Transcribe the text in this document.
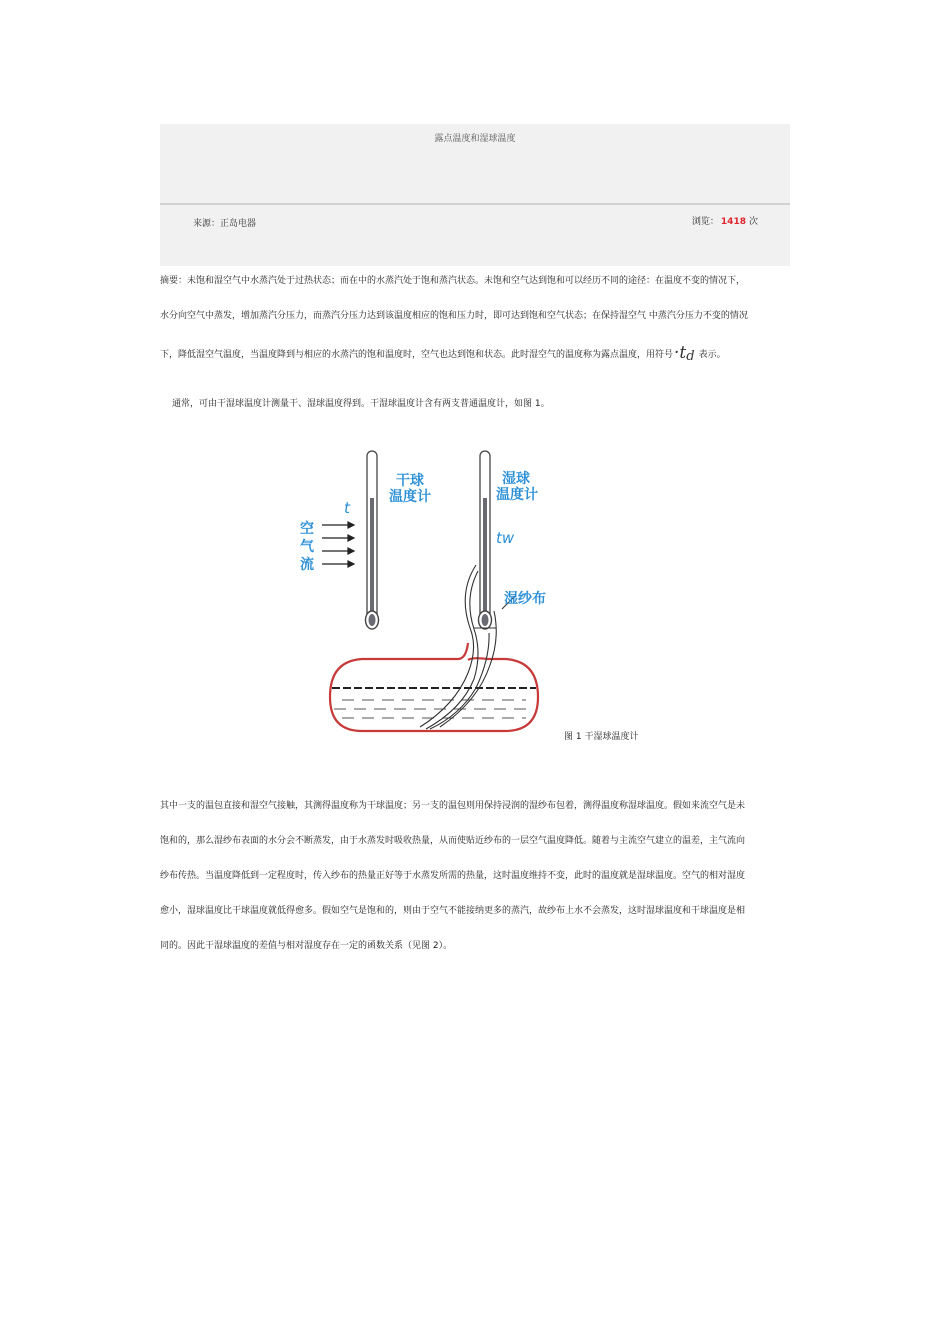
露点温度和湿球温度
来源：正岛电器	浏览： 1418 次
摘要：未饱和湿空气中水蒸汽处于过热状态；而在中的水蒸汽处于饱和蒸汽状态。未饱和空气达到饱和可以经历不同的途径：在温度不变的情况下，
水分向空气中蒸发，增加蒸汽分压力，而蒸汽分压力达到该温度相应的饱和压力时，即可达到饱和空气状态；在保持湿空气 中蒸汽分压力不变的情况
下，降低湿空气温度，当温度降到与相应的水蒸汽的饱和温度时，空气也达到饱和状态。此时湿空气的温度称为露点温度，用符号·td 表示。
通常，可由干湿球温度计测量干、湿球温度得到。干湿球温度计含有两支普通温度计，如图 1。
空
气
流
t
tw
干球
温度计
湿球
温度计
湿纱布
图 1 干湿球温度计
其中一支的温包直接和湿空气接触，其测得温度称为干球温度；另一支的温包则用保持浸润的湿纱布包着，测得温度称湿球温度。假如来流空气是未
饱和的，那么湿纱布表面的水分会不断蒸发，由于水蒸发时吸收热量，从而使贴近纱布的一层空气温度降低。随着与主流空气建立的温差，主气流向
纱布传热。当温度降低到一定程度时，传入纱布的热量正好等于水蒸发所需的热量，这时温度维持不变，此时的温度就是湿球温度。空气的相对湿度
愈小，湿球温度比干球温度就低得愈多。假如空气是饱和的，则由于空气不能接纳更多的蒸汽，故纱布上水不会蒸发，这时湿球温度和干球温度是相
同的。因此干湿球温度的差值与相对湿度存在一定的函数关系（见图 2）。
